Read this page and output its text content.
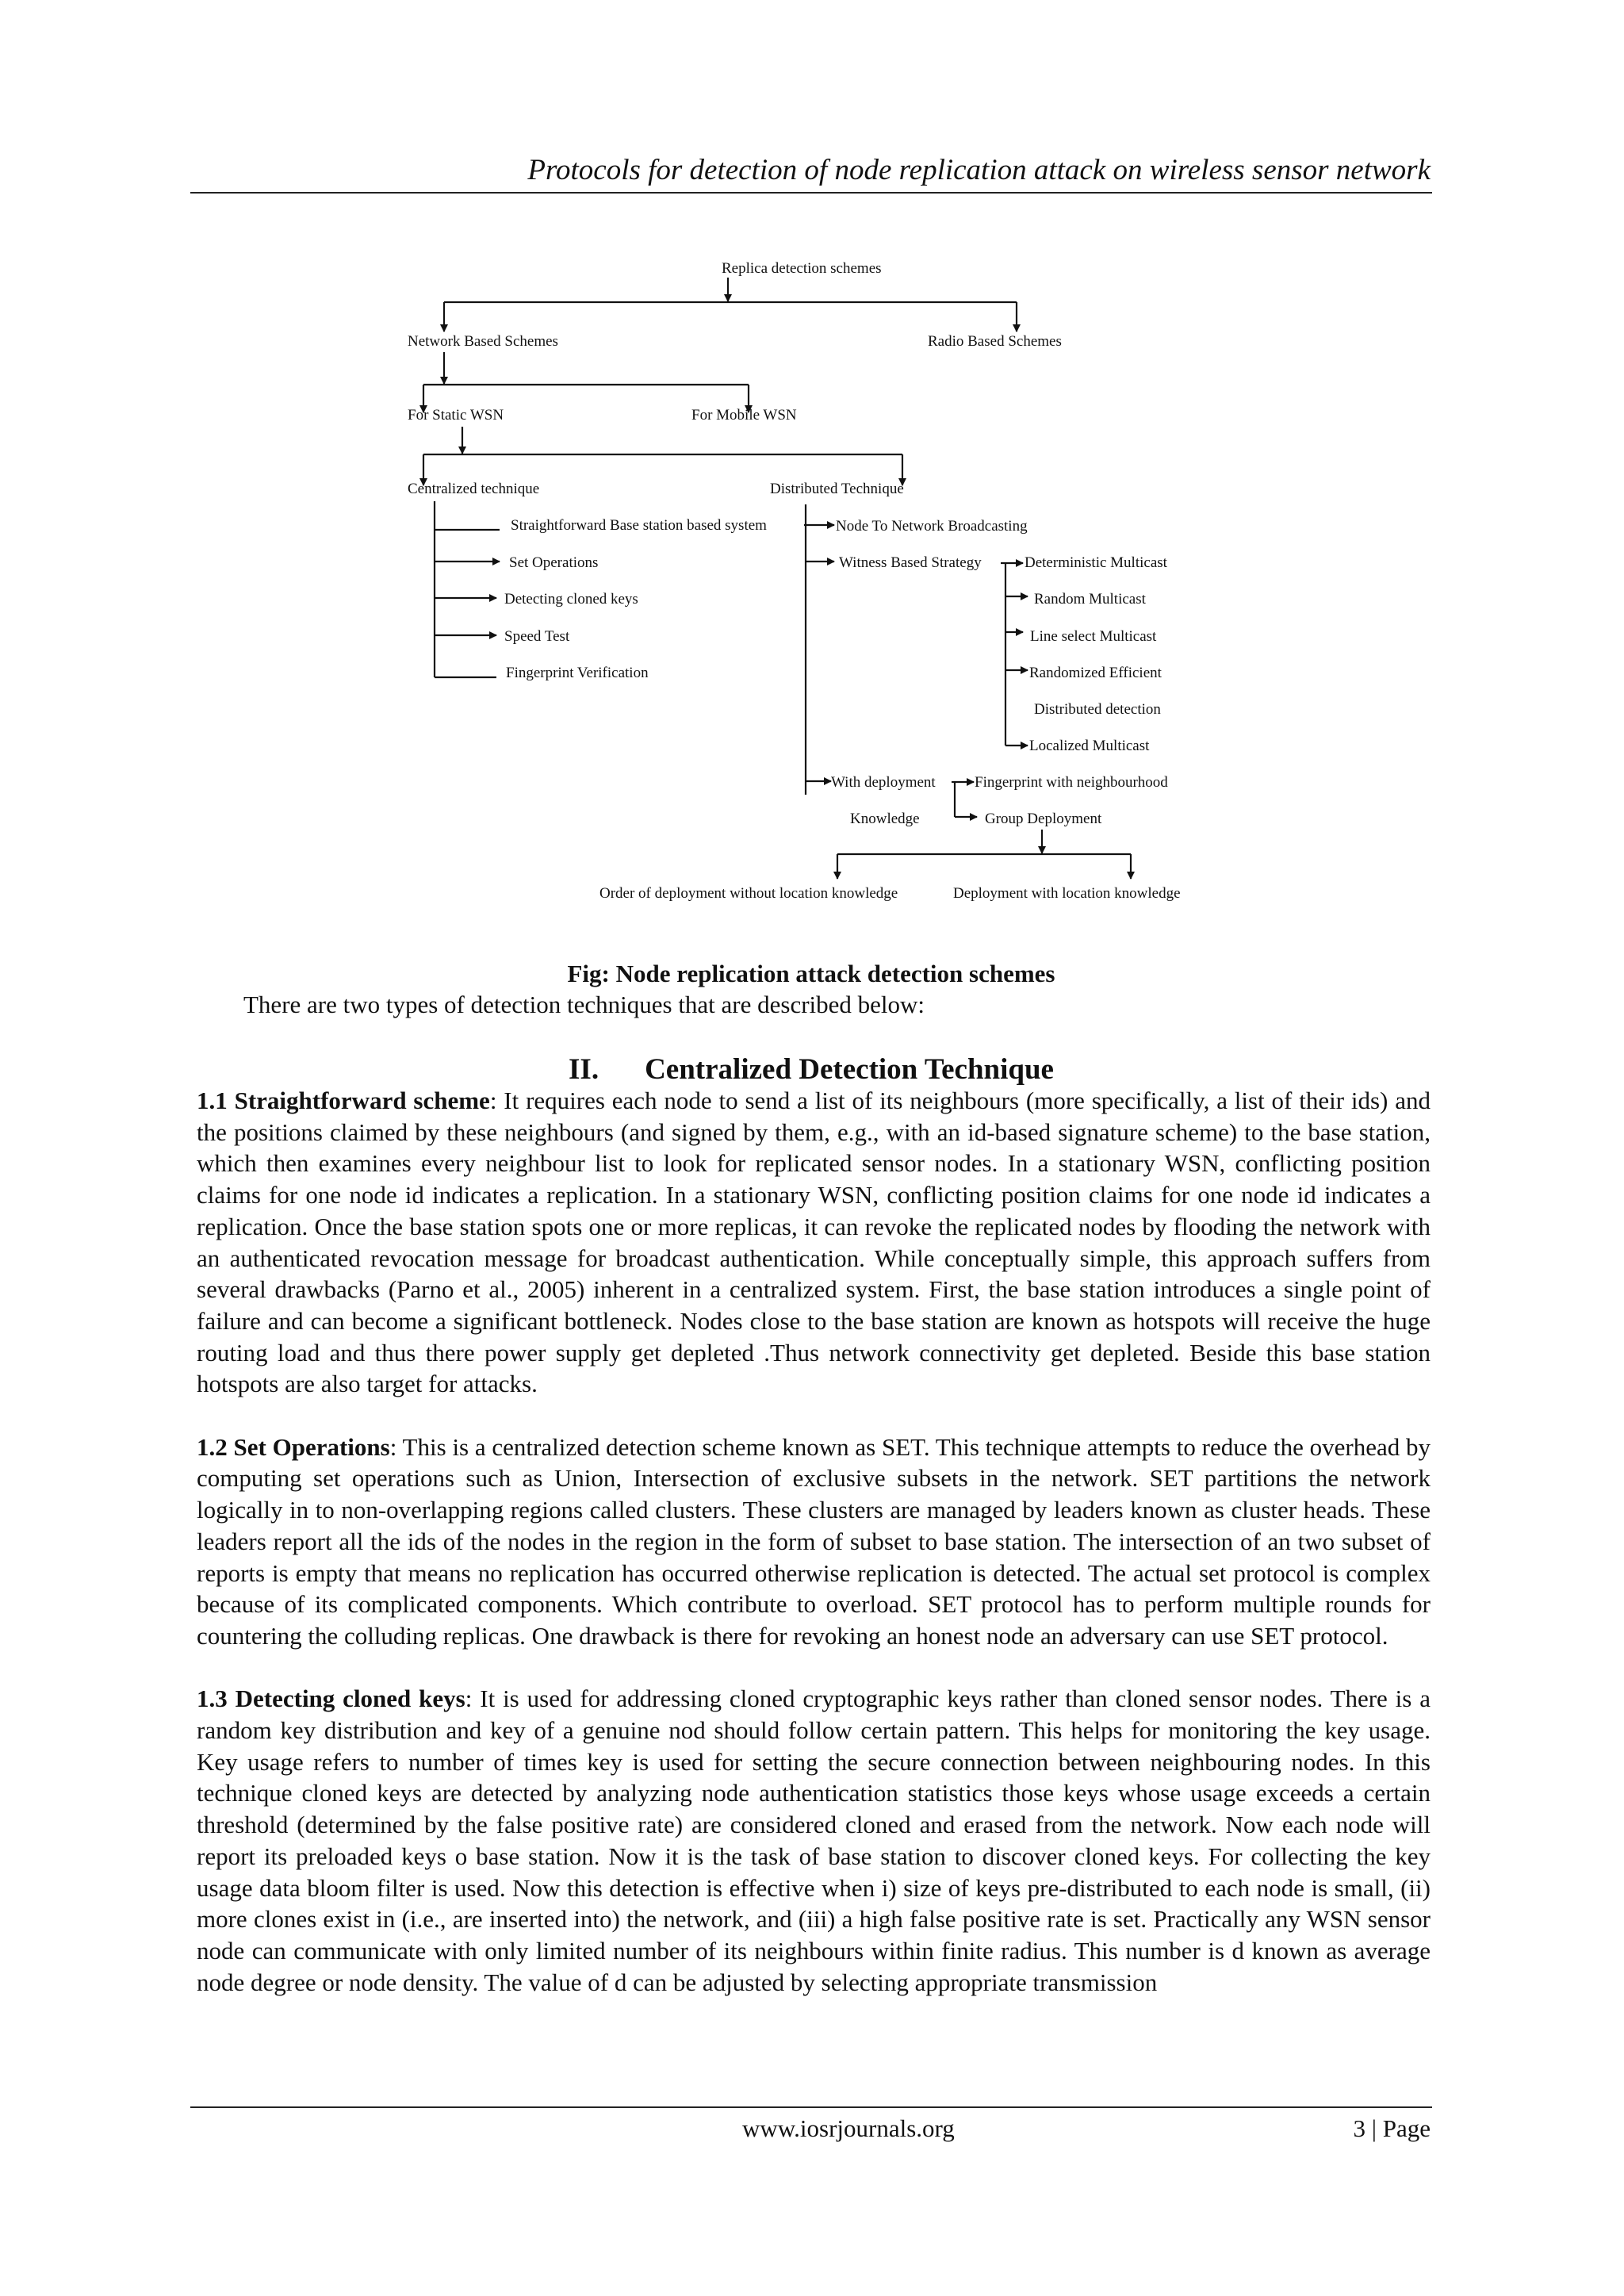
Protocols for detection of node replication attack on wireless sensor network
Replica detection schemes
Network Based Schemes	Radio Based Schemes
For Static WSN	For Mobile WSN
Centralized technique	Distributed Technique
Straightforward Base station based system
Set Operations
Detecting cloned keys
Speed Test
Fingerprint Verification
Node To Network Broadcasting
Witness Based Strategy	Deterministic Multicast
Random Multicast
Line select Multicast
Randomized Efficient
Distributed detection
Localized Multicast
With deployment
Knowledge
Fingerprint with neighbourhood
Group Deployment
Order of deployment without location knowledge	Deployment with location knowledge
Fig: Node replication attack detection schemes
There are two types of detection techniques that are described below:
II. Centralized Detection Technique

1.1 Straightforward scheme: It requires each node to send a list of its neighbours (more specifically, a list of their ids) and the positions claimed by these neighbours (and signed by them, e.g., with an id-based signature scheme) to the base station, which then examines every neighbour list to look for replicated sensor nodes. In a stationary WSN, conflicting position claims for one node id indicates a replication. In a stationary WSN, conflicting position claims for one node id indicates a replication. Once the base station spots one or more replicas, it can revoke the replicated nodes by flooding the network with an authenticated revocation message for broadcast authentication. While conceptually simple, this approach suffers from several drawbacks (Parno et al., 2005) inherent in a centralized system. First, the base station introduces a single point of failure and can become a significant bottleneck. Nodes close to the base station are known as hotspots will receive the huge routing load and thus there power supply get depleted .Thus network connectivity get depleted. Beside this base station hotspots are also target for attacks.

1.2 Set Operations: This is a centralized detection scheme known as SET. This technique attempts to reduce the overhead by computing set operations such as Union, Intersection of exclusive subsets in the network. SET partitions the network logically in to non-overlapping regions called clusters. These clusters are managed by leaders known as cluster heads. These leaders report all the ids of the nodes in the region in the form of subset to base station. The intersection of an two subset of reports is empty that means no replication has occurred otherwise replication is detected. The actual set protocol is complex because of its complicated components. Which contribute to overload. SET protocol has to perform multiple rounds for countering the colluding replicas. One drawback is there for revoking an honest node an adversary can use SET protocol.

1.3 Detecting cloned keys: It is used for addressing cloned cryptographic keys rather than cloned sensor nodes. There is a random key distribution and key of a genuine nod should follow certain pattern. This helps for monitoring the key usage. Key usage refers to number of times key is used for setting the secure connection between neighbouring nodes. In this technique cloned keys are detected by analyzing node authentication statistics those keys whose usage exceeds a certain threshold (determined by the false positive rate) are considered cloned and erased from the network. Now each node will report its preloaded keys o base station. Now it is the task of base station to discover cloned keys. For collecting the key usage data bloom filter is used. Now this detection is effective when i) size of keys pre-distributed to each node is small, (ii) more clones exist in (i.e., are inserted into) the network, and (iii) a high false positive rate is set. Practically any WSN sensor node can communicate with only limited number of its neighbours within finite radius. This number is d known as average node degree or node density. The value of d can be adjusted by selecting appropriate transmission

www.iosrjournals.org	3 | Page
